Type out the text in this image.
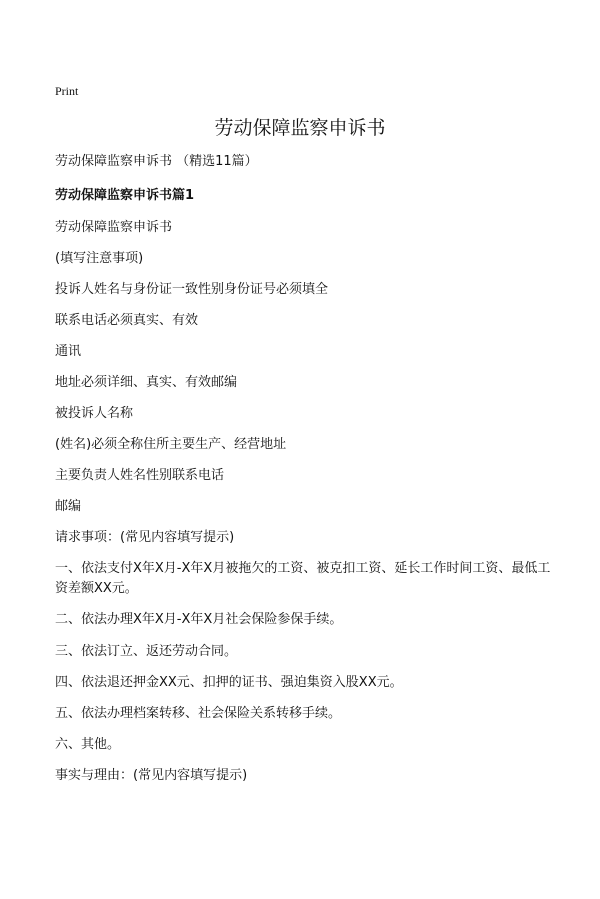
Print
劳动保障监察申诉书

劳动保障监察申诉书 （精选11篇）

劳动保障监察申诉书篇1

劳动保障监察申诉书

(填写注意事项)

投诉人姓名与身份证一致性别身份证号必须填全

联系电话必须真实、有效

通讯

地址必须详细、真实、有效邮编

被投诉人名称

(姓名)必须全称住所主要生产、经营地址

主要负责人姓名性别联系电话

邮编

请求事项：(常见内容填写提示)

一、依法支付X年X月-X年X月被拖欠的工资、被克扣工资、延长工作时间工资、最低工资差额XX元。

二、依法办理X年X月-X年X月社会保险参保手续。

三、依法订立、返还劳动合同。

四、依法退还押金XX元、扣押的证书、强迫集资入股XX元。

五、依法办理档案转移、社会保险关系转移手续。

六、其他。

事实与理由：(常见内容填写提示)
